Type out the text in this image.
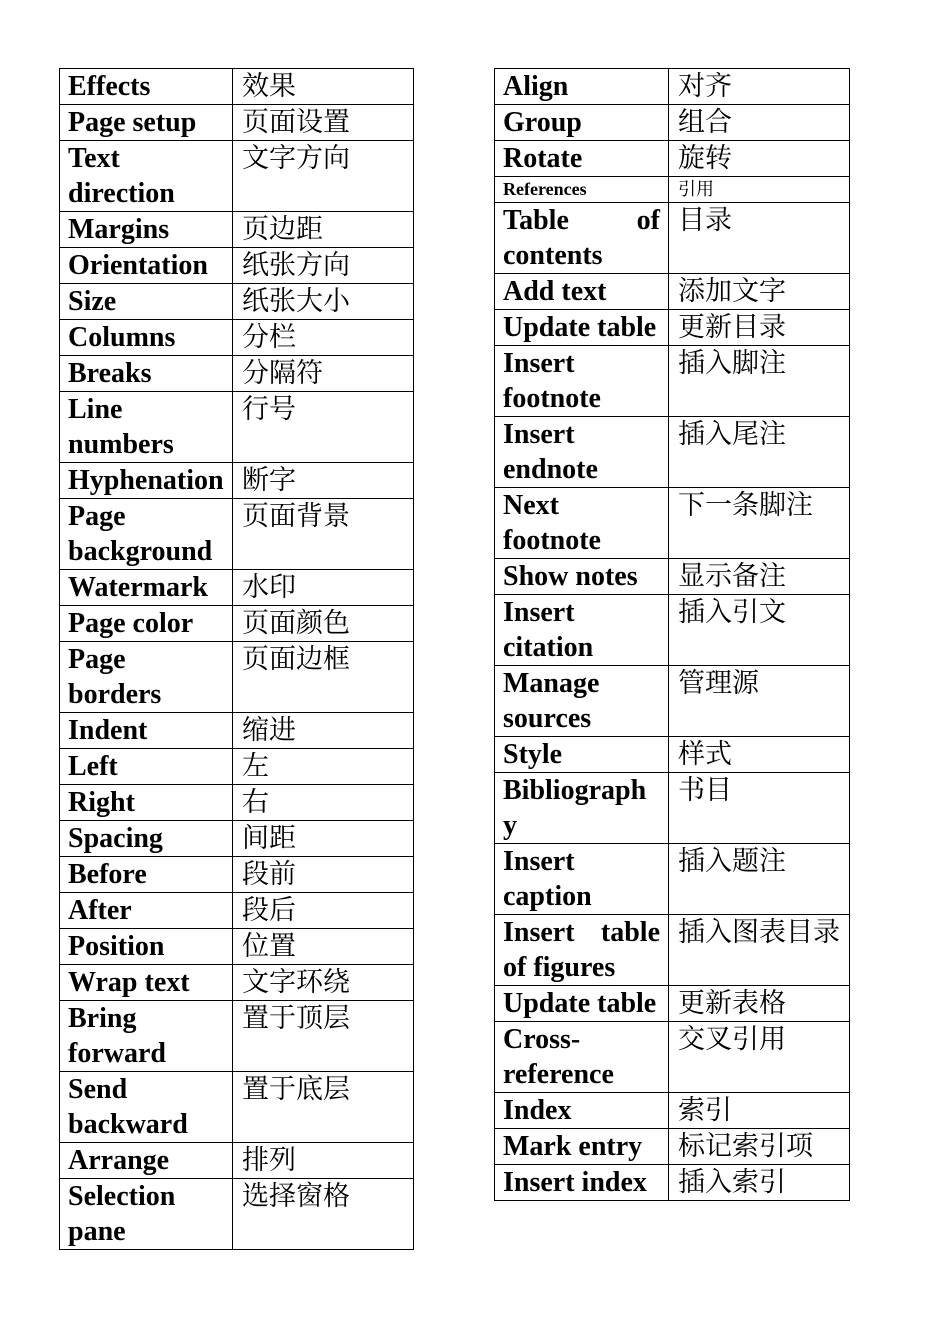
Effects	效果
Page setup	页面设置
Text direction	文字方向
Margins	页边距
Orientation	纸张方向
Size	纸张大小
Columns	分栏
Breaks	分隔符
Line numbers	行号
Hyphenation	断字
Page background	页面背景
Watermark	水印
Page color	页面颜色
Page borders	页面边框
Indent	缩进
Left	左
Right	右
Spacing	间距
Before	段前
After	段后
Position	位置
Wrap text	文字环绕
Bring forward	置于顶层
Send backward	置于底层
Arrange	排列
Selection pane	选择窗格
Align	对齐
Group	组合
Rotate	旋转
References	引用
Table of contents	目录
Add text	添加文字
Update table	更新目录
Insert footnote	插入脚注
Insert endnote	插入尾注
Next footnote	下一条脚注
Show notes	显示备注
Insert citation	插入引文
Manage sources	管理源
Style	样式
Bibliography	书目
Insert caption	插入题注
Insert table of figures	插入图表目录
Update table	更新表格
Cross-reference	交叉引用
Index	索引
Mark entry	标记索引项
Insert index	插入索引
